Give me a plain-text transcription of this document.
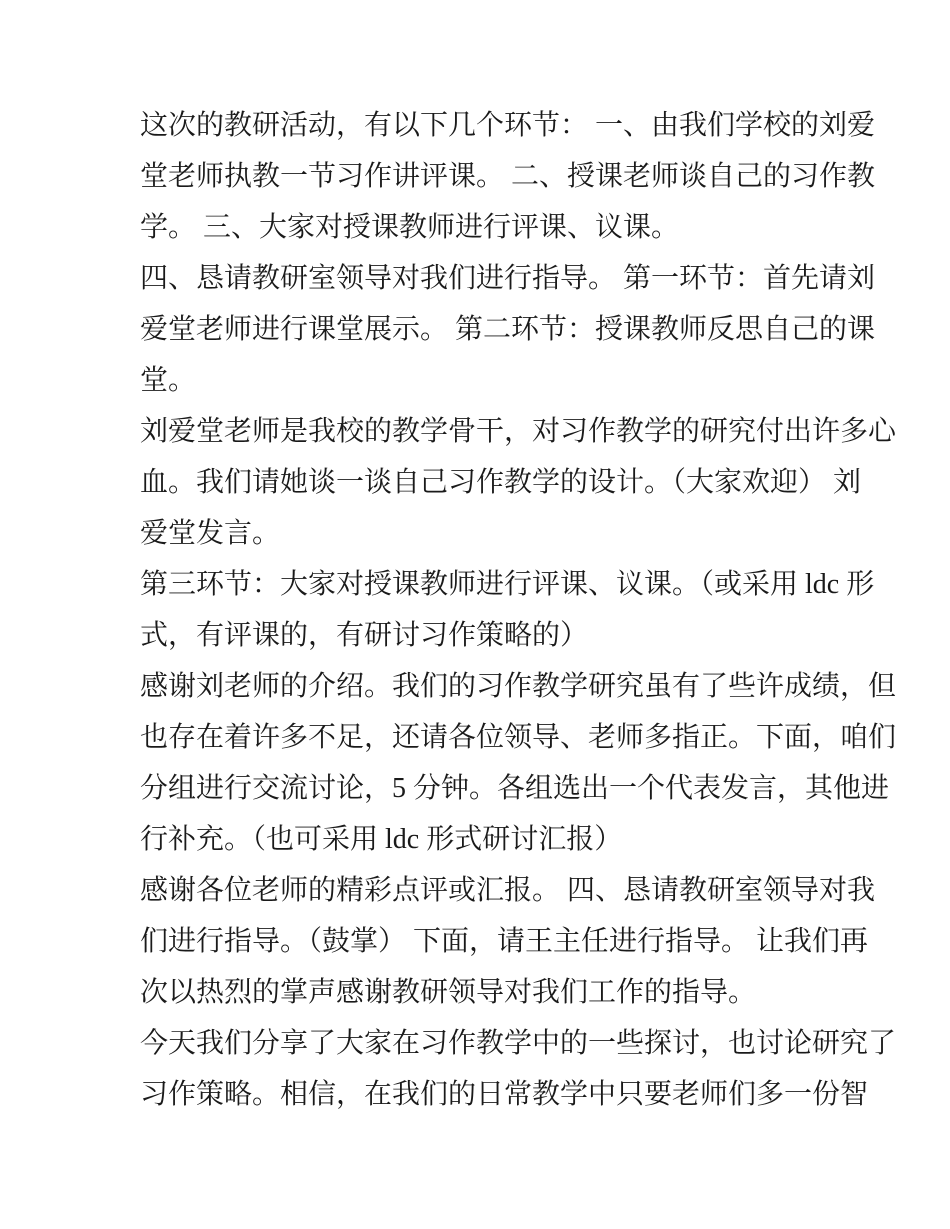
这次的教研活动，有以下几个环节： 一、由我们学校的刘爱
堂老师执教一节习作讲评课。 二、授课老师谈自己的习作教
学。 三、大家对授课教师进行评课、议课。
四、恳请教研室领导对我们进行指导。 第一环节：首先请刘
爱堂老师进行课堂展示。 第二环节：授课教师反思自己的课
堂。
刘爱堂老师是我校的教学骨干，对习作教学的研究付出许多心
血。我们请她谈一谈自己习作教学的设计。（大家欢迎） 刘
爱堂发言。
第三环节：大家对授课教师进行评课、议课。（或采用 ldc 形
式，有评课的，有研讨习作策略的）
感谢刘老师的介绍。我们的习作教学研究虽有了些许成绩，但
也存在着许多不足，还请各位领导、老师多指正。下面，咱们
分组进行交流讨论，5 分钟。各组选出一个代表发言，其他进
行补充。（也可采用 ldc 形式研讨汇报）
感谢各位老师的精彩点评或汇报。 四、恳请教研室领导对我
们进行指导。（鼓掌） 下面，请王主任进行指导。 让我们再
次以热烈的掌声感谢教研领导对我们工作的指导。
今天我们分享了大家在习作教学中的一些探讨，也讨论研究了
习作策略。相信，在我们的日常教学中只要老师们多一份智
